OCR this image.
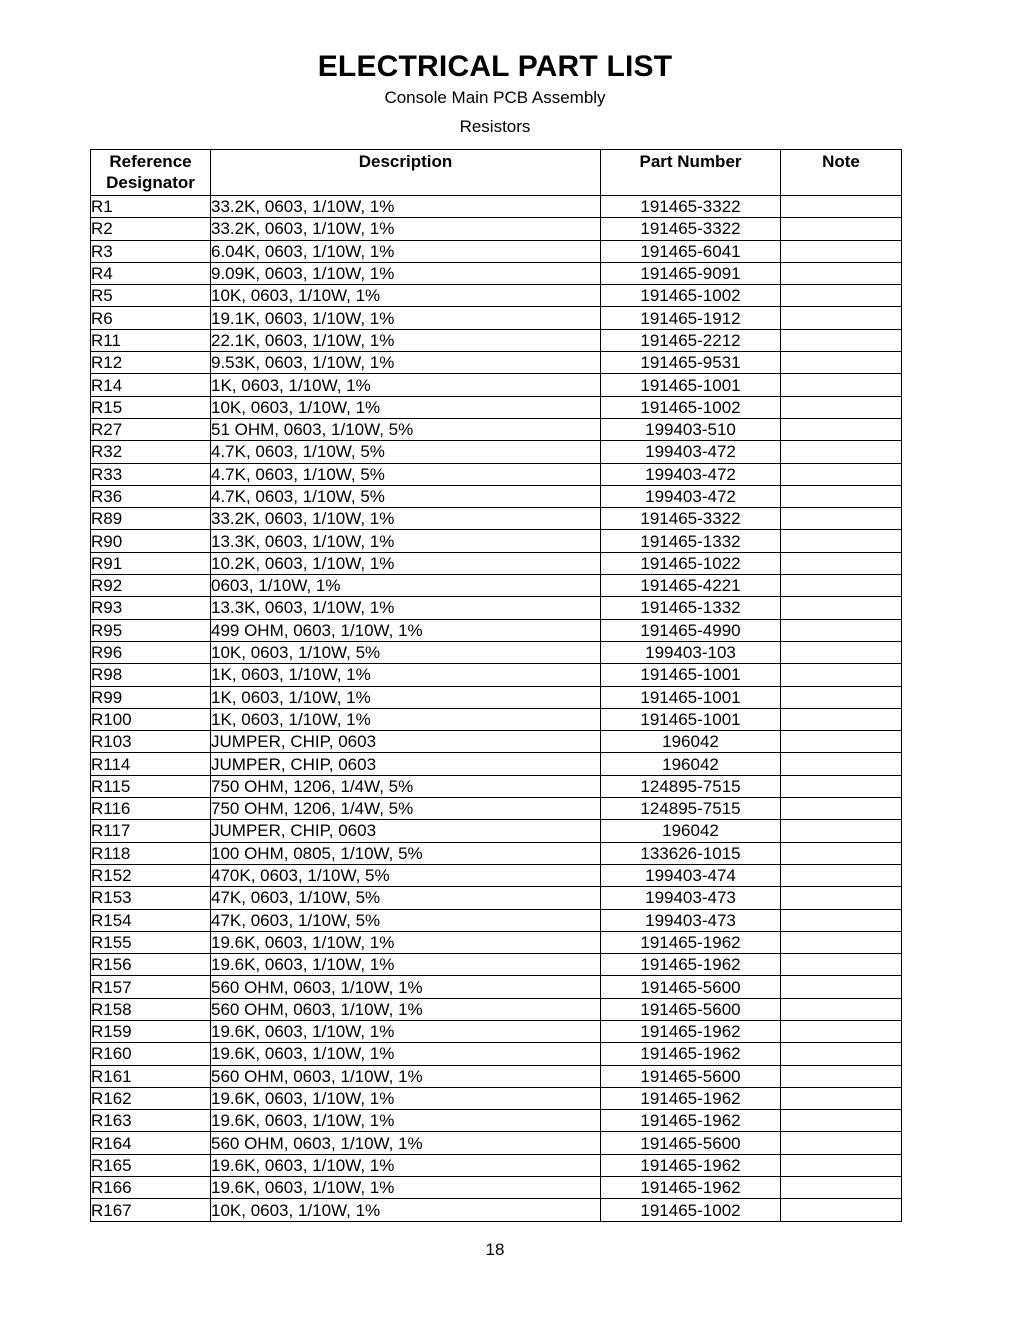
ELECTRICAL PART LIST
Console Main PCB Assembly
Resistors
Reference
Designator	Description	Part Number	Note
R1	33.2K, 0603, 1/10W, 1%	191465-3322	
R2	33.2K, 0603, 1/10W, 1%	191465-3322	
R3	6.04K, 0603, 1/10W, 1%	191465-6041	
R4	9.09K, 0603, 1/10W, 1%	191465-9091	
R5	10K, 0603, 1/10W, 1%	191465-1002	
R6	19.1K, 0603, 1/10W, 1%	191465-1912	
R11	22.1K, 0603, 1/10W, 1%	191465-2212	
R12	9.53K, 0603, 1/10W, 1%	191465-9531	
R14	1K, 0603, 1/10W, 1%	191465-1001	
R15	10K, 0603, 1/10W, 1%	191465-1002	
R27	51 OHM, 0603, 1/10W, 5%	199403-510	
R32	4.7K, 0603, 1/10W, 5%	199403-472	
R33	4.7K, 0603, 1/10W, 5%	199403-472	
R36	4.7K, 0603, 1/10W, 5%	199403-472	
R89	33.2K, 0603, 1/10W, 1%	191465-3322	
R90	13.3K, 0603, 1/10W, 1%	191465-1332	
R91	10.2K, 0603, 1/10W, 1%	191465-1022	
R92	0603, 1/10W, 1%	191465-4221	
R93	13.3K, 0603, 1/10W, 1%	191465-1332	
R95	499 OHM, 0603, 1/10W, 1%	191465-4990	
R96	10K, 0603, 1/10W, 5%	199403-103	
R98	1K, 0603, 1/10W, 1%	191465-1001	
R99	1K, 0603, 1/10W, 1%	191465-1001	
R100	1K, 0603, 1/10W, 1%	191465-1001	
R103	JUMPER, CHIP, 0603	196042	
R114	JUMPER, CHIP, 0603	196042	
R115	750 OHM, 1206, 1/4W, 5%	124895-7515	
R116	750 OHM, 1206, 1/4W, 5%	124895-7515	
R117	JUMPER, CHIP, 0603	196042	
R118	100 OHM, 0805, 1/10W, 5%	133626-1015	
R152	470K, 0603, 1/10W, 5%	199403-474	
R153	47K, 0603, 1/10W, 5%	199403-473	
R154	47K, 0603, 1/10W, 5%	199403-473	
R155	19.6K, 0603, 1/10W, 1%	191465-1962	
R156	19.6K, 0603, 1/10W, 1%	191465-1962	
R157	560 OHM, 0603, 1/10W, 1%	191465-5600	
R158	560 OHM, 0603, 1/10W, 1%	191465-5600	
R159	19.6K, 0603, 1/10W, 1%	191465-1962	
R160	19.6K, 0603, 1/10W, 1%	191465-1962	
R161	560 OHM, 0603, 1/10W, 1%	191465-5600	
R162	19.6K, 0603, 1/10W, 1%	191465-1962	
R163	19.6K, 0603, 1/10W, 1%	191465-1962	
R164	560 OHM, 0603, 1/10W, 1%	191465-5600	
R165	19.6K, 0603, 1/10W, 1%	191465-1962	
R166	19.6K, 0603, 1/10W, 1%	191465-1962	
R167	10K, 0603, 1/10W, 1%	191465-1002	
18
